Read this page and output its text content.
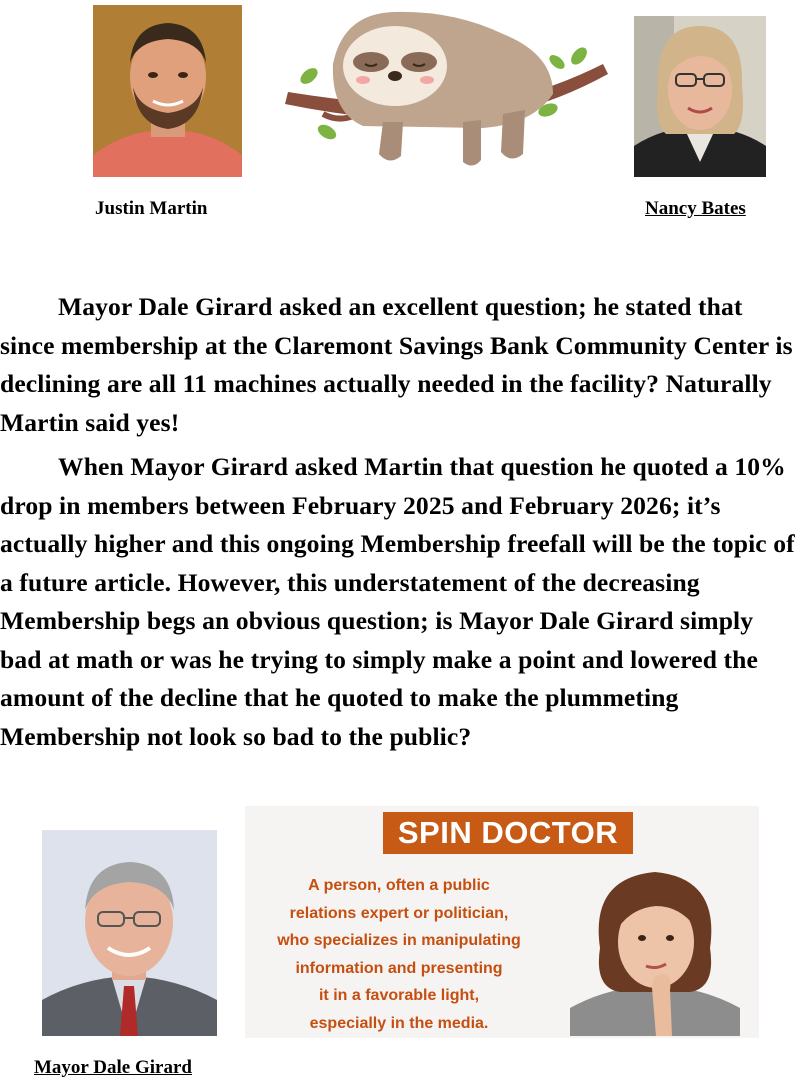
Justin Martin	Nancy Bates

Mayor Dale Girard asked an excellent question; he stated that since membership at the Claremont Savings Bank Community Center is declining are all 11 machines actually needed in the facility? Naturally Martin said yes!

When Mayor Girard asked Martin that question he quoted a 10% drop in members between February 2025 and February 2026; it’s actually higher and this ongoing Membership freefall will be the topic of a future article. However, this understatement of the decreasing Membership begs an obvious question; is Mayor Dale Girard simply bad at math or was he trying to simply make a point and lowered the amount of the decline that he quoted to make the plummeting Membership not look so bad to the public?

Mayor Dale Girard
SPIN DOCTOR
A person, often a public
relations expert or politician,
who specializes in manipulating
information and presenting
it in a favorable light,
especially in the media.
